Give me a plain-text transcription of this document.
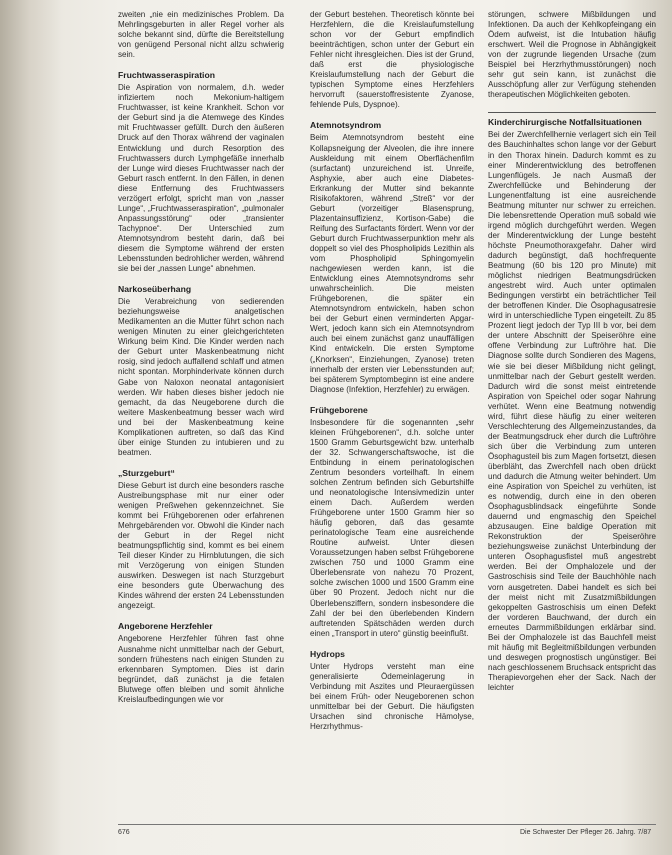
zweiten „nie ein medizinisches Problem. Da Mehrlingsgeburten in aller Regel vorher als solche bekannt sind, dürfte die Bereitstellung von genügend Personal nicht allzu schwierig sein.

Fruchtwasseraspiration

Die Aspiration von normalem, d.h. weder infiziertem noch Mekonium-haltigem Fruchtwasser, ist keine Krankheit. Schon vor der Geburt sind ja die Atemwege des Kindes mit Fruchtwasser gefüllt. Durch den äußeren Druck auf den Thorax während der vaginalen Entwicklung und durch Resorption des Fruchtwassers durch Lymphgefäße innerhalb der Lunge wird dieses Fruchtwasser nach der Geburt rasch entfernt. In den Fällen, in denen diese Entfernung des Fruchtwassers verzögert erfolgt, spricht man von „nasser Lunge“, „Fruchtwasseraspiration“, „pulmonaler Anpassungsstörung“ oder „transienter Tachypnoe“. Der Unterschied zum Atemnotsyndrom besteht darin, daß bei diesem die Symptome während der ersten Lebensstunden bedrohlicher werden, während sie bei der „nassen Lunge“ abnehmen.

Narkoseüberhang

Die Verabreichung von sedierenden beziehungsweise analgetischen Medikamenten an die Mutter führt schon nach wenigen Minuten zu einer gleichgerichteten Wirkung beim Kind. Die Kinder werden nach der Geburt unter Maskenbeatmung nicht rosig, sind jedoch auffallend schlaff und atmen nicht spontan. Morphinderivate können durch Gabe von Naloxon neonatal antagonisiert werden. Wir haben dieses bisher jedoch nie gemacht, da das Neugeborene durch die weitere Maskenbeatmung besser wach wird und bei der Maskenbeatmung keine Komplikationen auftreten, so daß das Kind über einige Stunden zu intubieren und zu beatmen.

„Sturzgeburt“

Diese Geburt ist durch eine besonders rasche Austreibungsphase mit nur einer oder wenigen Preßwehen gekennzeichnet. Sie kommt bei Frühgeborenen oder erfahrenen Mehrgebärenden vor. Obwohl die Kinder nach der Geburt in der Regel nicht beatmungspflichtig sind, kommt es bei einem Teil dieser Kinder zu Hirnblutungen, die sich mit Verzögerung von einigen Stunden auswirken. Deswegen ist nach Sturzgeburt eine besonders gute Überwachung des Kindes während der ersten 24 Lebensstunden angezeigt.

Angeborene Herzfehler

Angeborene Herzfehler führen fast ohne Ausnahme nicht unmittelbar nach der Geburt, sondern frühestens nach einigen Stunden zu erkennbaren Symptomen. Dies ist darin begründet, daß zunächst ja die fetalen Blutwege offen bleiben und somit ähnliche Kreislaufbedingungen wie vor

der Geburt bestehen. Theoretisch könnte bei Herzfehlern, die die Kreislaufumstellung schon vor der Geburt empfindlich beeinträchtigen, schon unter der Geburt ein Fehler nicht ihresgleichen. Dies ist der Grund, daß erst die physiologische Kreislaufumstellung nach der Geburt die typischen Symptome eines Herzfehlers hervorruft (sauerstoffresistente Zyanose, fehlende Puls, Dyspnoe).

Atemnotsyndrom

Beim Atemnotsyndrom besteht eine Kollapsneigung der Alveolen, die ihre innere Auskleidung mit einem Oberflächenfilm (surfactant) unzureichend ist. Unreife, Asphyxie, aber auch eine Diabetes-Erkrankung der Mutter sind bekannte Risikofaktoren, während „Streß“ vor der Geburt (vorzeitiger Blasensprung, Plazentainsuffizienz, Kortison-Gabe) die Reifung des Surfactants fördert. Wenn vor der Geburt durch Fruchtwasserpunktion mehr als doppelt so viel des Phospholipids Lezithin als vom Phospholipid Sphingomyelin nachgewiesen werden kann, ist die Entwicklung eines Atemnotsyndroms sehr unwahrscheinlich. Die meisten Frühgeborenen, die später ein Atemnotsyndrom entwickeln, haben schon bei der Geburt einen verminderten Apgar-Wert, jedoch kann sich ein Atemnotsyndrom auch bei einem zunächst ganz unauffälligen Kind entwickeln. Die ersten Symptome („Knorksen“, Einziehungen, Zyanose) treten innerhalb der ersten vier Lebensstunden auf; bei späterem Symptombeginn ist eine andere Diagnose (Infektion, Herzfehler) zu erwägen.

Frühgeborene

Insbesondere für die sogenannten „sehr kleinen Frühgeborenen“, d.h. solche unter 1500 Gramm Geburtsgewicht bzw. unterhalb der 32. Schwangerschaftswoche, ist die Entbindung in einem perinatologischen Zentrum besonders vorteilhaft. In einem solchen Zentrum befinden sich Geburtshilfe und neonatologische Intensivmedizin unter einem Dach. Außerdem werden Frühgeborene unter 1500 Gramm hier so häufig geboren, daß das gesamte perinatologische Team eine ausreichende Routine aufweist. Unter diesen Voraussetzungen haben selbst Frühgeborene zwischen 750 und 1000 Gramm eine Überlebensrate von nahezu 70 Prozent, solche zwischen 1000 und 1500 Gramm eine über 90 Prozent. Jedoch nicht nur die Überlebensziffern, sondern insbesondere die Zahl der bei den überlebenden Kindern auftretenden Spätschäden werden durch einen „Transport in utero“ günstig beeinflußt.

Hydrops

Unter Hydrops versteht man eine generalisierte Ödemeinlagerung in Verbindung mit Aszites und Pleuraergüssen bei einem Früh- oder Neugeborenen schon unmittelbar bei der Geburt. Die häufigsten Ursachen sind chronische Hämolyse, Herzrhythmus-

störungen, schwere Mißbildungen und Infektionen. Da auch der Kehlkopfeingang ein Ödem aufweist, ist die Intubation häufig erschwert. Weil die Prognose in Abhängigkeit von der zugrunde liegenden Ursache (zum Beispiel bei Herzrhythmusstörungen) noch sehr gut sein kann, ist zunächst die Ausschöpfung aller zur Verfügung stehenden therapeutischen Möglichkeiten geboten.

Kinderchirurgische Notfallsituationen

Bei der Zwerchfellhernie verlagert sich ein Teil des Bauchinhaltes schon lange vor der Geburt in den Thorax hinein. Dadurch kommt es zu einer Minderentwicklung des betroffenen Lungenflügels. Je nach Ausmaß der Zwerchfellücke und Behinderung der Lungenentfaltung ist eine ausreichende Beatmung mitunter nur schwer zu erreichen. Die lebensrettende Operation muß sobald wie irgend möglich durchgeführt werden. Wegen der Minderentwicklung der Lunge besteht höchste Pneumothoraxgefahr. Daher wird dadurch begünstigt, daß hochfrequente Beatmung (60 bis 120 pro Minute) mit möglichst niedrigen Beatmungsdrücken angestrebt wird. Auch unter optimalen Bedingungen verstirbt ein beträchtlicher Teil der betroffenen Kinder. Die Ösophagusatresie wird in unterschiedliche Typen eingeteilt. Zu 85 Prozent liegt jedoch der Typ III b vor, bei dem der untere Abschnitt der Speiseröhre eine offene Verbindung zur Luftröhre hat. Die Diagnose sollte durch Sondieren des Magens, wie sie bei dieser Mißbildung nicht gelingt, unmittelbar nach der Geburt gestellt werden. Dadurch wird die sonst meist eintretende Aspiration von Speichel oder sogar Nahrung verhütet. Wenn eine Beatmung notwendig wird, führt diese häufig zu einer weiteren Verschlechterung des Allgemeinzustandes, da der Beatmungsdruck eher durch die Luftröhre sich über die Verbindung zum unteren Ösophagusteil bis zum Magen fortsetzt, diesen überbläht, das Zwerchfell nach oben drückt und dadurch die Atmung weiter behindert. Um eine Aspiration von Speichel zu verhüten, ist es notwendig, durch eine in den oberen Ösophagusblindsack eingeführte Sonde dauernd und engmaschig den Speichel abzusaugen. Eine baldige Operation mit Rekonstruktion der Speiseröhre beziehungsweise zunächst Unterbindung der unteren Ösophagusfistel muß angestrebt werden. Bei der Omphalozele und der Gastroschisis sind Teile der Bauchhöhle nach vorn ausgetreten. Dabei handelt es sich bei der meist nicht mit Zusatzmißbildungen gekoppelten Gastroschisis um einen Defekt der vorderen Bauchwand, der durch ein erneutes Darmmißbildungen erklärbar sind. Bei der Omphalozele ist das Bauchfell meist mit häufig mit Begleitmißbildungen verbunden und deswegen prognostisch ungünstiger. Bei nach geschlossenem Bruchsack entspricht das Therapievorgehen eher der Sack. Nach der leichter

676	Die Schwester Der Pfleger 26. Jahrg. 7/87
